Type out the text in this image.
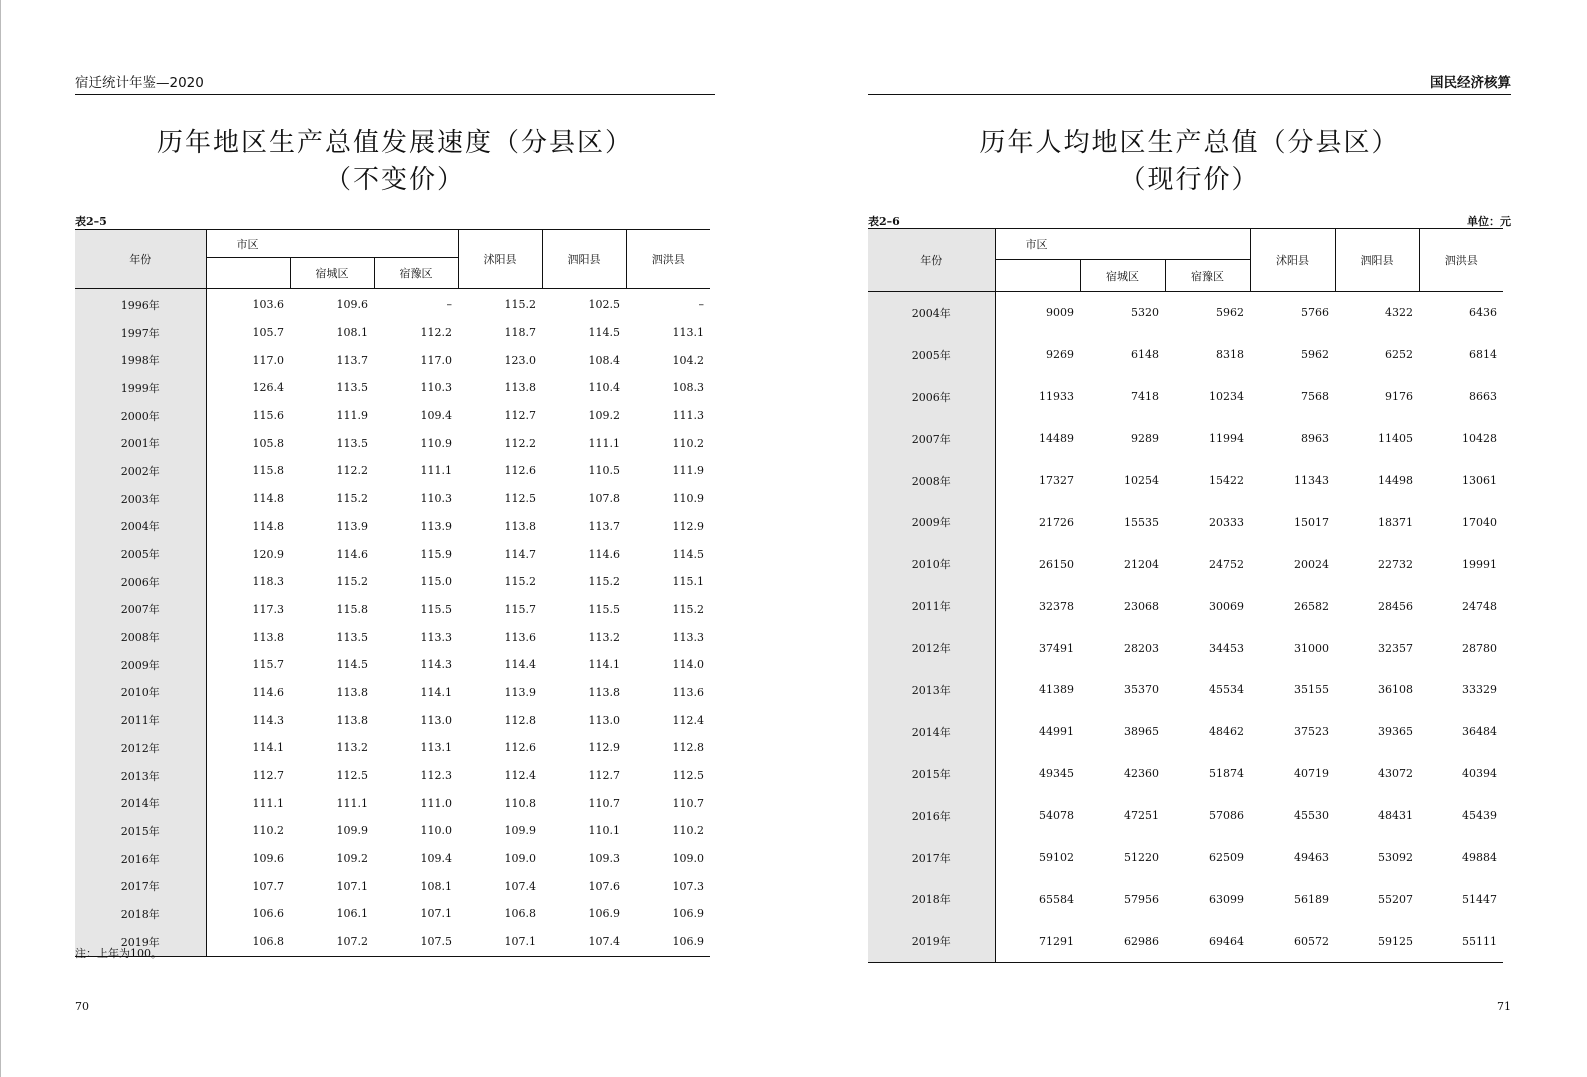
宿迁统计年鉴—2020
历年地区生产总值发展速度（分县区）
（不变价）
表2–5
年份	市区			沭阳县	泗阳县	泗洪县
		宿城区	宿豫区			
1996年	103.6	109.6	–	115.2	102.5	–
1997年	105.7	108.1	112.2	118.7	114.5	113.1
1998年	117.0	113.7	117.0	123.0	108.4	104.2
1999年	126.4	113.5	110.3	113.8	110.4	108.3
2000年	115.6	111.9	109.4	112.7	109.2	111.3
2001年	105.8	113.5	110.9	112.2	111.1	110.2
2002年	115.8	112.2	111.1	112.6	110.5	111.9
2003年	114.8	115.2	110.3	112.5	107.8	110.9
2004年	114.8	113.9	113.9	113.8	113.7	112.9
2005年	120.9	114.6	115.9	114.7	114.6	114.5
2006年	118.3	115.2	115.0	115.2	115.2	115.1
2007年	117.3	115.8	115.5	115.7	115.5	115.2
2008年	113.8	113.5	113.3	113.6	113.2	113.3
2009年	115.7	114.5	114.3	114.4	114.1	114.0
2010年	114.6	113.8	114.1	113.9	113.8	113.6
2011年	114.3	113.8	113.0	112.8	113.0	112.4
2012年	114.1	113.2	113.1	112.6	112.9	112.8
2013年	112.7	112.5	112.3	112.4	112.7	112.5
2014年	111.1	111.1	111.0	110.8	110.7	110.7
2015年	110.2	109.9	110.0	109.9	110.1	110.2
2016年	109.6	109.2	109.4	109.0	109.3	109.0
2017年	107.7	107.1	108.1	107.4	107.6	107.3
2018年	106.6	106.1	107.1	106.8	106.9	106.9
2019年	106.8	107.2	107.5	107.1	107.4	106.9
注：上年为100。
70
国民经济核算
历年人均地区生产总值（分县区）
（现行价）
表2–6	单位：元
年份	市区			沭阳县	泗阳县	泗洪县
		宿城区	宿豫区			
2004年	9009	5320	5962	5766	4322	6436
2005年	9269	6148	8318	5962	6252	6814
2006年	11933	7418	10234	7568	9176	8663
2007年	14489	9289	11994	8963	11405	10428
2008年	17327	10254	15422	11343	14498	13061
2009年	21726	15535	20333	15017	18371	17040
2010年	26150	21204	24752	20024	22732	19991
2011年	32378	23068	30069	26582	28456	24748
2012年	37491	28203	34453	31000	32357	28780
2013年	41389	35370	45534	35155	36108	33329
2014年	44991	38965	48462	37523	39365	36484
2015年	49345	42360	51874	40719	43072	40394
2016年	54078	47251	57086	45530	48431	45439
2017年	59102	51220	62509	49463	53092	49884
2018年	65584	57956	63099	56189	55207	51447
2019年	71291	62986	69464	60572	59125	55111
71
